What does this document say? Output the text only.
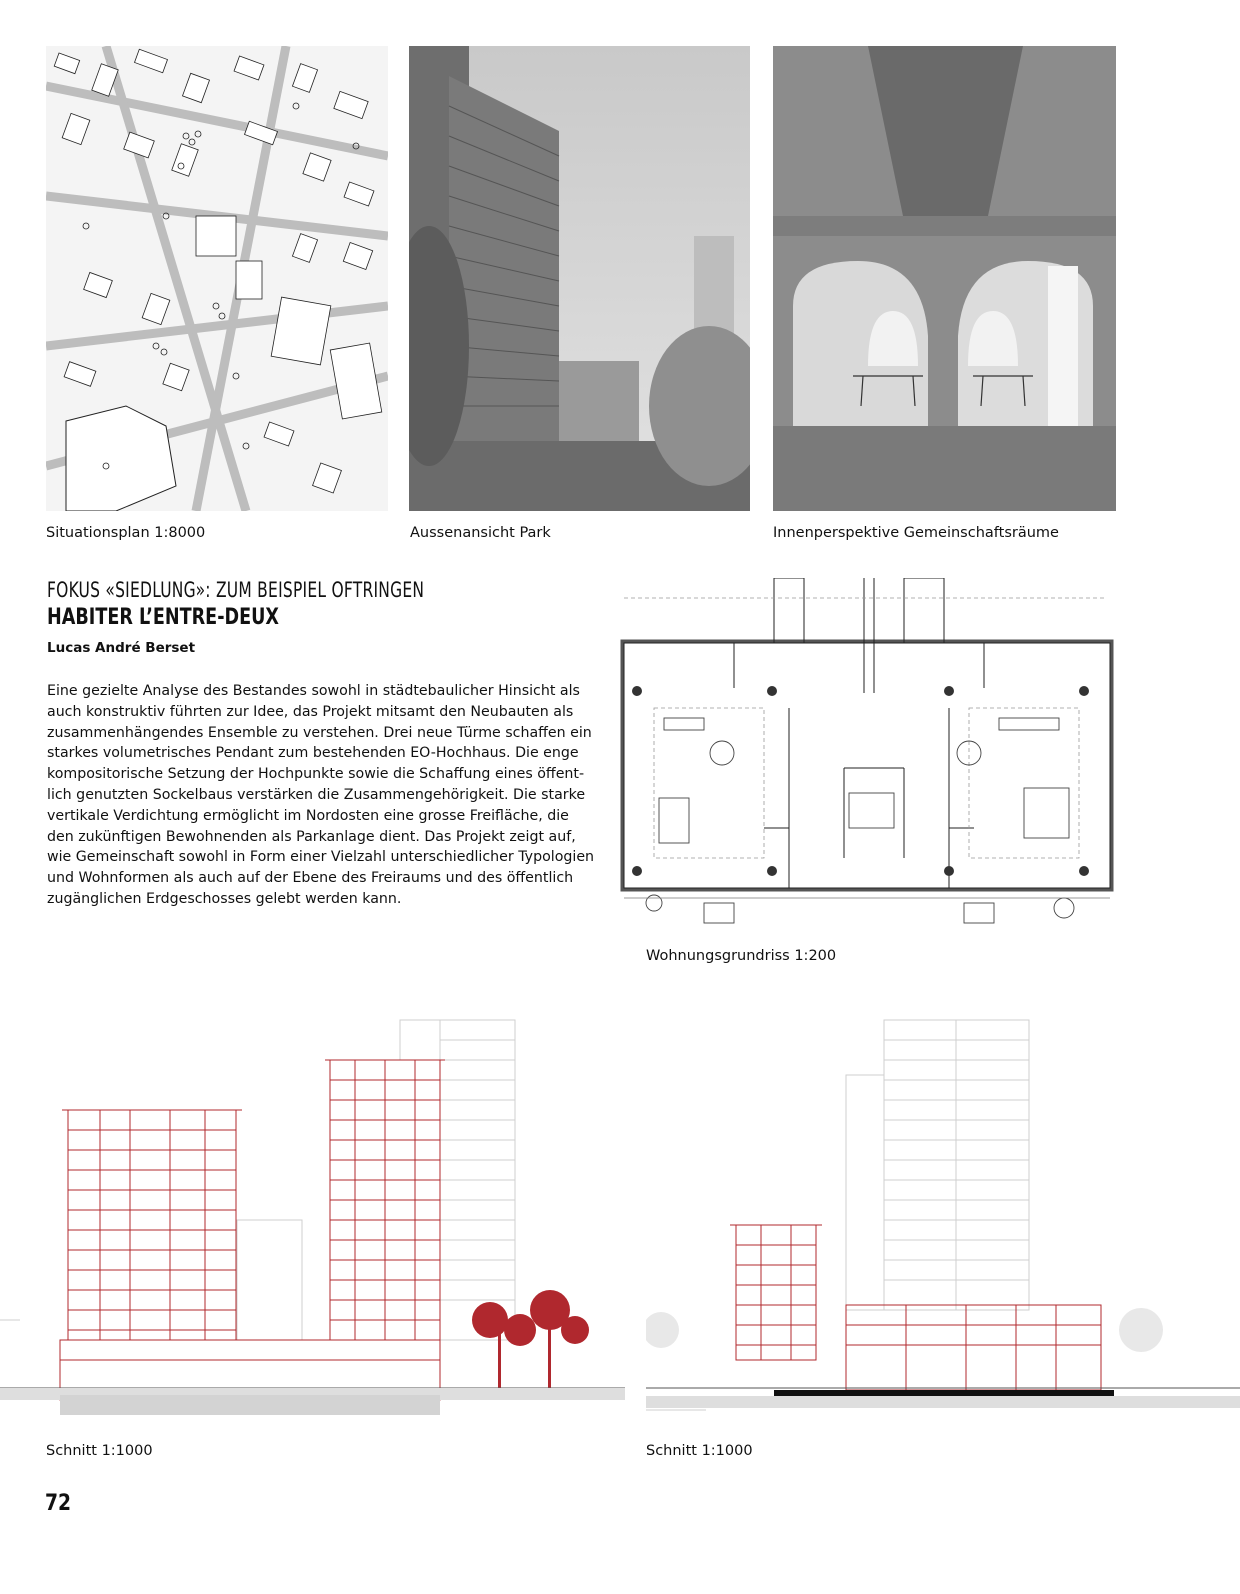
Situationsplan 1:8000	Aussenansicht Park	Innenperspektive Gemeinschaftsräume
FOKUS «SIEDLUNG»: ZUM BEISPIEL OFTRINGEN
HABITER L’ENTRE-DEUX
Lucas André Berset
Eine gezielte Analyse des Bestandes sowohl in städtebaulicher Hinsicht als
auch konstruktiv führten zur Idee, das Projekt mitsamt den Neubauten als
zusammenhängendes Ensemble zu verstehen. Drei neue Türme schaffen ein
starkes volumetrisches Pendant zum bestehenden EO-Hochhaus. Die enge
kompositorische Setzung der Hochpunkte sowie die Schaffung eines öffent-
lich genutzten Sockelbaus verstärken die Zusammengehörigkeit. Die starke
vertikale Verdichtung ermöglicht im Nordosten eine grosse Freifläche, die
den zukünftigen Bewohnenden als Parkanlage dient. Das Projekt zeigt auf,
wie Gemeinschaft sowohl in Form einer Vielzahl unterschiedlicher Typologien
und Wohnformen als auch auf der Ebene des Freiraums und des öffentlich
zugänglichen Erdgeschosses gelebt werden kann.
Wohnungsgrundriss 1:200
Schnitt 1:1000	Schnitt 1:1000
72
